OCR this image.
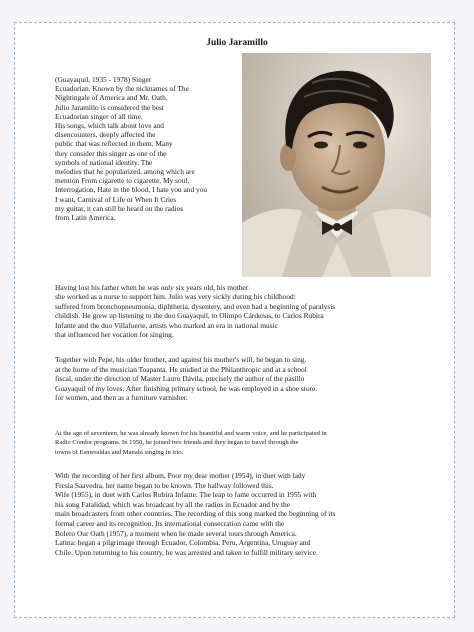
Julio Jaramillo
(Guayaquil, 1935 - 1978) Singer
Ecuadorian. Known by the nicknames of The
Nightingale of America and Mr. Oath,
Julio Jaramillo is considered the best
Ecuadorian singer of all time.
His songs, which talk about love and
disencounters, deeply affected the
public that was reflected in them. Many
they consider this singer as one of the
symbols of national identity. The
melodies that he popularized, among which are
mention From cigarette to cigarette, My soul,
Interrogation, Hate in the blood, I hate you and you
I want, Carnival of Life or When It Cries
my guitar, it can still be heard on the radios
from Latin America.
Having lost his father when he was only six years old, his mother
she worked as a nurse to support him. Julio was very sickly during his childhood:
suffered from bronchopneumonia, diphtheria, dysentery, and even had a beginning of paralysis
childish. He grew up listening to the duo Guayaquil, to Olimpo Cárdenas, to Carlos Rubira
Infante and the duo Villafuerte, artists who marked an era in national music
that influenced her vocation for singing.
Together with Pepe, his older brother, and against his mother's will, he began to sing.
at the home of the musician Toapanta. He studied at the Philanthropic and at a school
fiscal, under the direction of Master Lauro Dávila, precisely the author of the pasillo
Guayaquil of my loves. After finishing primary school, he was employed in a shoe store.
for women, and then as a furniture varnisher.
At the age of seventeen, he was already known for his beautiful and warm voice, and he participated in
Radio Cóndor programs. In 1950, he joined two friends and they began to travel through the
towns of Esmeraldas and Manabí singing in trio.
With the recording of her first album, Poor my dear mother (1954), in duet with lady
Fresia Saavedra, her name began to be known. The hallway followed this.
Wife (1955), in duet with Carlos Rubira Infante. The leap to fame occurred in 1955 with
his song Fatalidad, which was broadcast by all the radios in Ecuador and by the
main broadcasters from other countries. The recording of this song marked the beginning of its
formal career and its recognition. Its international consecration came with the
Bolero Our Oath (1957), a moment when he made several tours through America.
Latina: began a pilgrimage through Ecuador, Colombia, Peru, Argentina, Uruguay and
Chile. Upon returning to his country, he was arrested and taken to fulfill military service.
